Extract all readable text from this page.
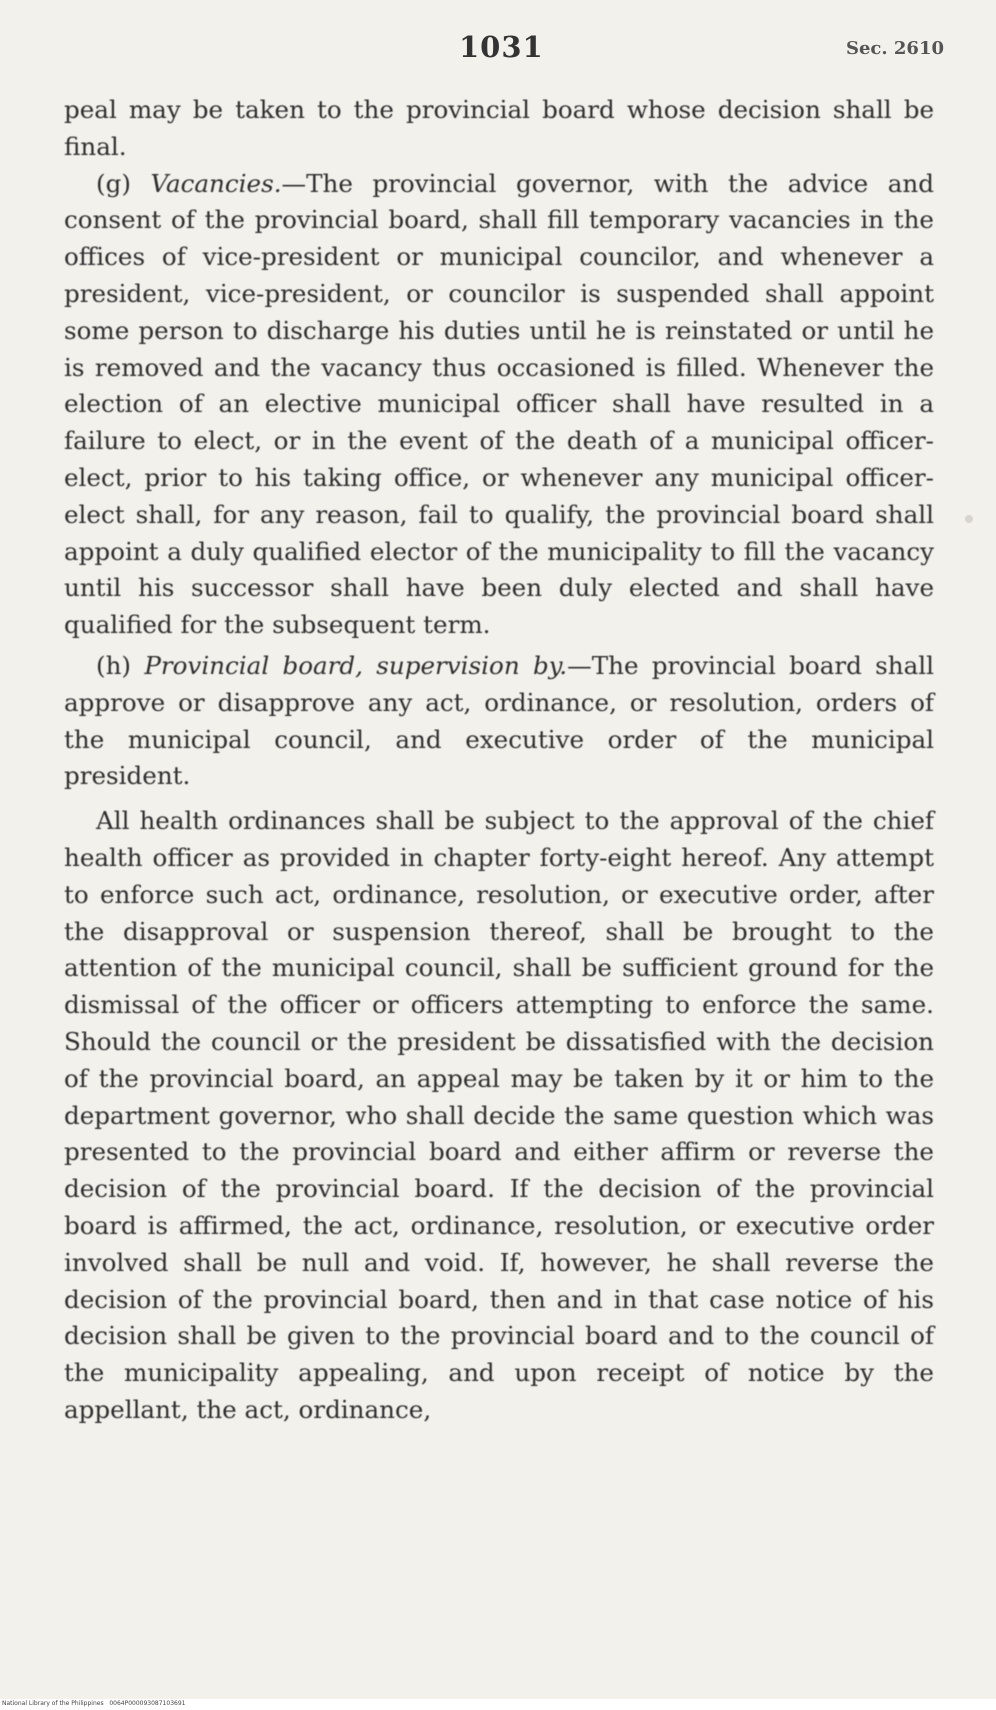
1031	Sec. 2610

peal may be taken to the provincial board whose decision shall be final.

(g) Vacancies.—The provincial governor, with the advice and consent of the provincial board, shall fill temporary vacancies in the offices of vice-president or municipal councilor, and whenever a president, vice-president, or councilor is suspended shall appoint some person to discharge his duties until he is reinstated or until he is removed and the vacancy thus occasioned is filled. Whenever the election of an elective municipal officer shall have resulted in a failure to elect, or in the event of the death of a municipal officer-elect, prior to his taking office, or whenever any municipal officer-elect shall, for any reason, fail to qualify, the provincial board shall appoint a duly qualified elector of the municipality to fill the vacancy until his successor shall have been duly elected and shall have qualified for the subsequent term.

(h) Provincial board, supervision by.—The provincial board shall approve or disapprove any act, ordinance, or resolution, orders of the municipal council, and executive order of the municipal president.

All health ordinances shall be subject to the approval of the chief health officer as provided in chapter forty-eight hereof. Any attempt to enforce such act, ordinance, resolution, or executive order, after the disapproval or suspension thereof, shall be brought to the attention of the municipal council, shall be sufficient ground for the dismissal of the officer or officers attempting to enforce the same. Should the council or the president be dissatisfied with the decision of the provincial board, an appeal may be taken by it or him to the department governor, who shall decide the same question which was presented to the provincial board and either affirm or reverse the decision of the provincial board. If the decision of the provincial board is affirmed, the act, ordinance, resolution, or executive order involved shall be null and void. If, however, he shall reverse the decision of the provincial board, then and in that case notice of his decision shall be given to the provincial board and to the council of the municipality appealing, and upon receipt of notice by the appellant, the act, ordinance,

National Library of the Philippines 0064P000093087103691
